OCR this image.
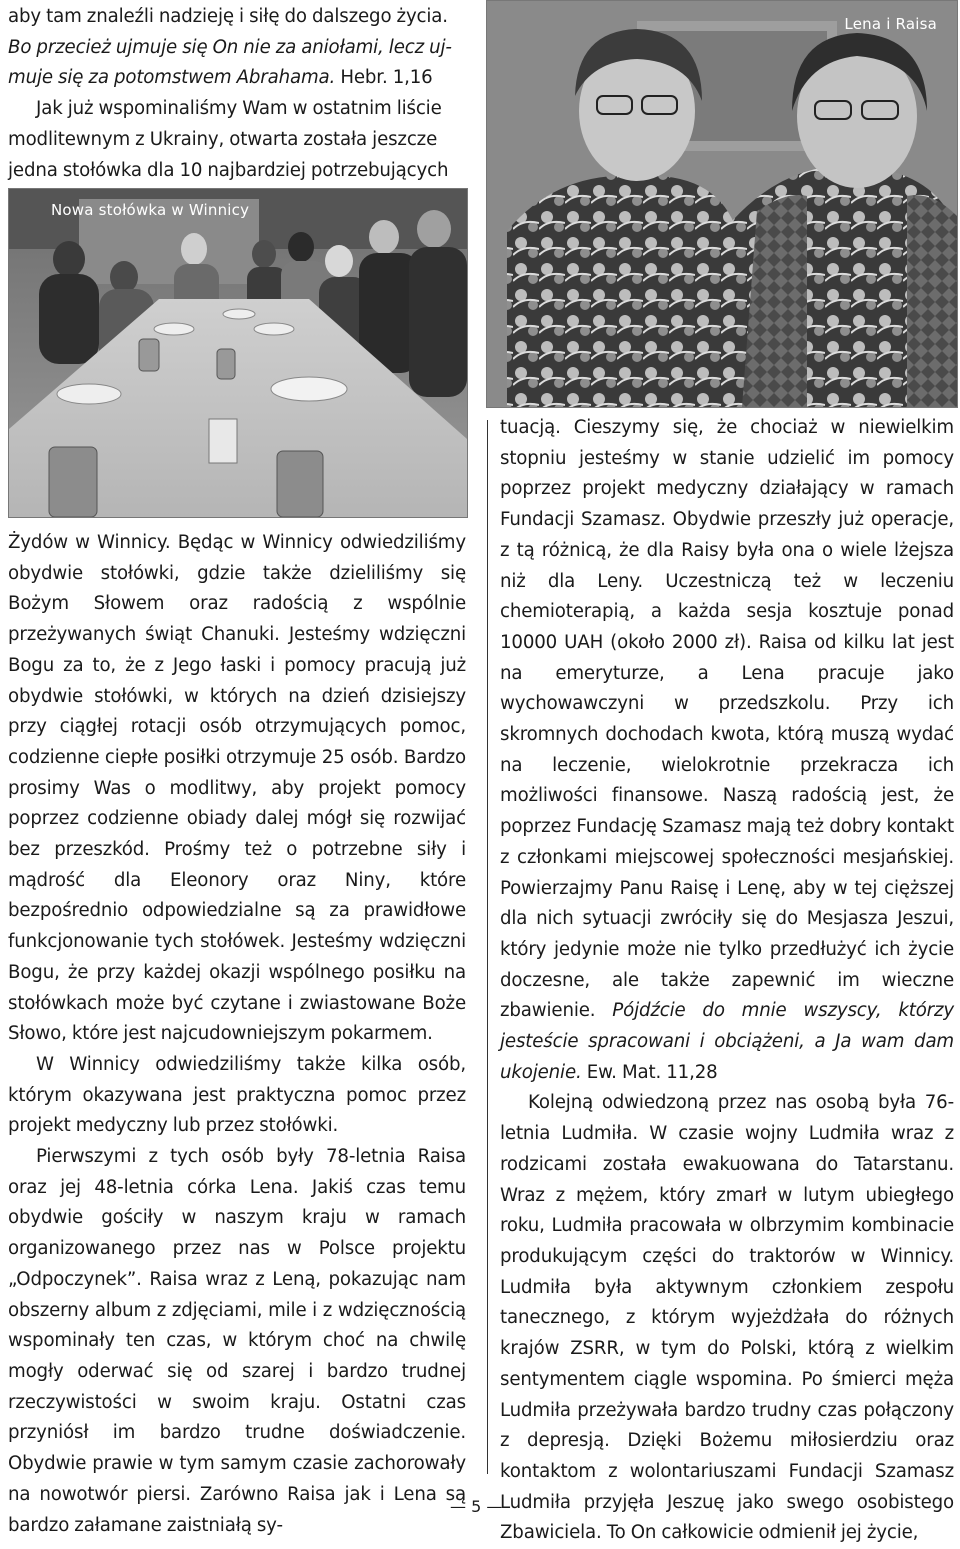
aby tam znaleźli nadzieję i siłę do dalszego życia.
Bo przecież ujmuje się On nie za aniołami, lecz uj-
muje się za potomstwem Abrahama. Hebr. 1,16
Jak już wspominaliśmy Wam w ostatnim liście
modlitewnym z Ukrainy, otwarta została jeszcze
jedna stołówka dla 10 najbardziej potrzebujących
Nowa stołówka w Winnicy
Lena i Raisa

Żydów w Winnicy. Będąc w Winnicy odwiedziliśmy obydwie stołówki, gdzie także dzieliliśmy się Bożym Słowem oraz radością z wspólnie przeżywanych świąt Chanuki. Jesteśmy wdzięczni Bogu za to, że z Jego łaski i pomocy pracują już obydwie stołówki, w których na dzień dzisiejszy przy ciągłej rotacji osób otrzymujących pomoc, codzienne ciepłe posiłki otrzymuje 25 osób. Bardzo prosimy Was o modlitwy, aby projekt pomocy poprzez codzienne obiady dalej mógł się rozwijać bez przeszkód. Prośmy też o potrzebne siły i mądrość dla Eleonory oraz Niny, które bezpośrednio odpowiedzialne są za prawidłowe funkcjonowanie tych stołówek. Jesteśmy wdzięczni Bogu, że przy każdej okazji wspólnego posiłku na stołówkach może być czytane i zwiastowane Boże Słowo, które jest najcudowniejszym pokarmem.

W Winnicy odwiedziliśmy także kilka osób, którym okazywana jest praktyczna pomoc przez projekt medyczny lub przez stołówki.

Pierwszymi z tych osób były 78-letnia Raisa oraz jej 48-letnia córka Lena. Jakiś czas temu obydwie gościły w naszym kraju w ramach organizowanego przez nas w Polsce projektu „Odpoczynek”. Raisa wraz z Leną, pokazując nam obszerny album z zdjęciami, mile i z wdzięcznością wspominały ten czas, w którym choć na chwilę mogły oderwać się od szarej i bardzo trudnej rzeczywistości w swoim kraju. Ostatni czas przyniósł im bardzo trudne doświadczenie. Obydwie prawie w tym samym czasie zachorowały na nowotwór piersi. Zarówno Raisa jak i Lena są bardzo załamane zaistniałą sy-

tuacją. Cieszymy się, że chociaż w niewielkim stopniu jesteśmy w stanie udzielić im pomocy poprzez projekt medyczny działający w ramach Fundacji Szamasz. Obydwie przeszły już operacje, z tą różnicą, że dla Raisy była ona o wiele lżejsza niż dla Leny. Uczestniczą też w leczeniu chemioterapią, a każda sesja kosztuje ponad 10000 UAH (około 2000 zł). Raisa od kilku lat jest na emeryturze, a Lena pracuje jako wychowawczyni w przedszkolu. Przy ich skromnych dochodach kwota, którą muszą wydać na leczenie, wielokrotnie przekracza ich możliwości finansowe. Naszą radością jest, że poprzez Fundację Szamasz mają też dobry kontakt z członkami miejscowej społeczności mesjańskiej. Powierzajmy Panu Raisę i Lenę, aby w tej cięższej dla nich sytuacji zwróciły się do Mesjasza Jeszui, który jedynie może nie tylko przedłużyć ich życie doczesne, ale także zapewnić im wieczne zbawienie. Pójdźcie do mnie wszyscy, którzy jesteście spracowani i obciążeni, a Ja wam dam ukojenie. Ew. Mat. 11,28

Kolejną odwiedzoną przez nas osobą była 76-letnia Ludmiła. W czasie wojny Ludmiła wraz z rodzicami została ewakuowana do Tatarstanu. Wraz z mężem, który zmarł w lutym ubiegłego roku, Ludmiła pracowała w olbrzymim kombinacie produkującym części do traktorów w Winnicy. Ludmiła była aktywnym członkiem zespołu tanecznego, z którym wyjeżdżała do różnych krajów ZSRR, w tym do Polski, którą z wielkim sentymentem ciągle wspomina. Po śmierci męża Ludmiła przeżywała bardzo trudny czas połączony z depresją. Dzięki Bożemu miłosierdziu oraz kontaktom z wolontariuszami Fundacji Szamasz Ludmiła przyjęła Jeszuę jako swego osobistego Zbawiciela. To On całkowicie odmienił jej życie,

— 5 —
